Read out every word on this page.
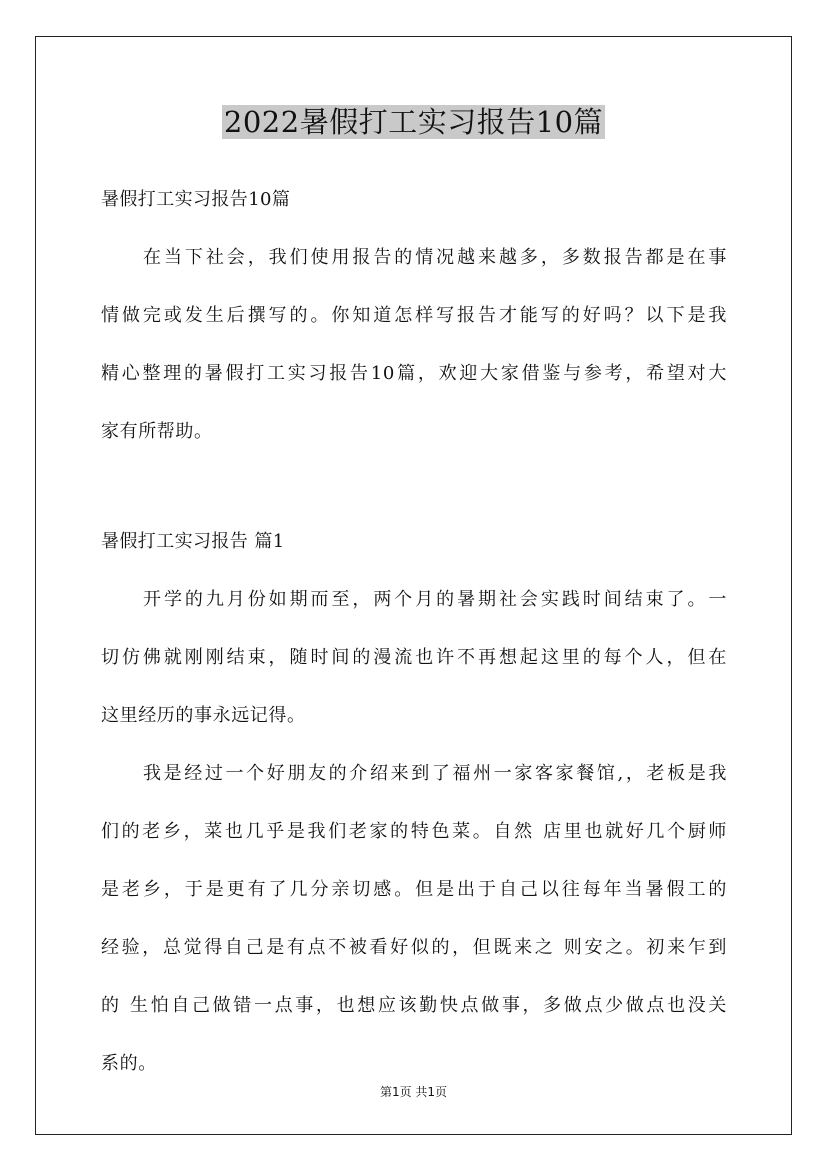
2022暑假打工实习报告10篇
暑假打工实习报告10篇
在当下社会，我们使用报告的情况越来越多，多数报告都是在事
情做完或发生后撰写的。你知道怎样写报告才能写的好吗？以下是我
精心整理的暑假打工实习报告10篇，欢迎大家借鉴与参考，希望对大
家有所帮助。
暑假打工实习报告 篇1
开学的九月份如期而至，两个月的暑期社会实践时间结束了。一
切仿佛就刚刚结束，随时间的漫流也许不再想起这里的每个人，但在
这里经历的事永远记得。
我是经过一个好朋友的介绍来到了福州一家客家餐馆,，老板是我
们的老乡，菜也几乎是我们老家的特色菜。自然 店里也就好几个厨师
是老乡，于是更有了几分亲切感。但是出于自己以往每年当暑假工的
经验，总觉得自己是有点不被看好似的，但既来之 则安之。初来乍到
的 生怕自己做错一点事，也想应该勤快点做事，多做点少做点也没关
系的。
第1页 共1页
